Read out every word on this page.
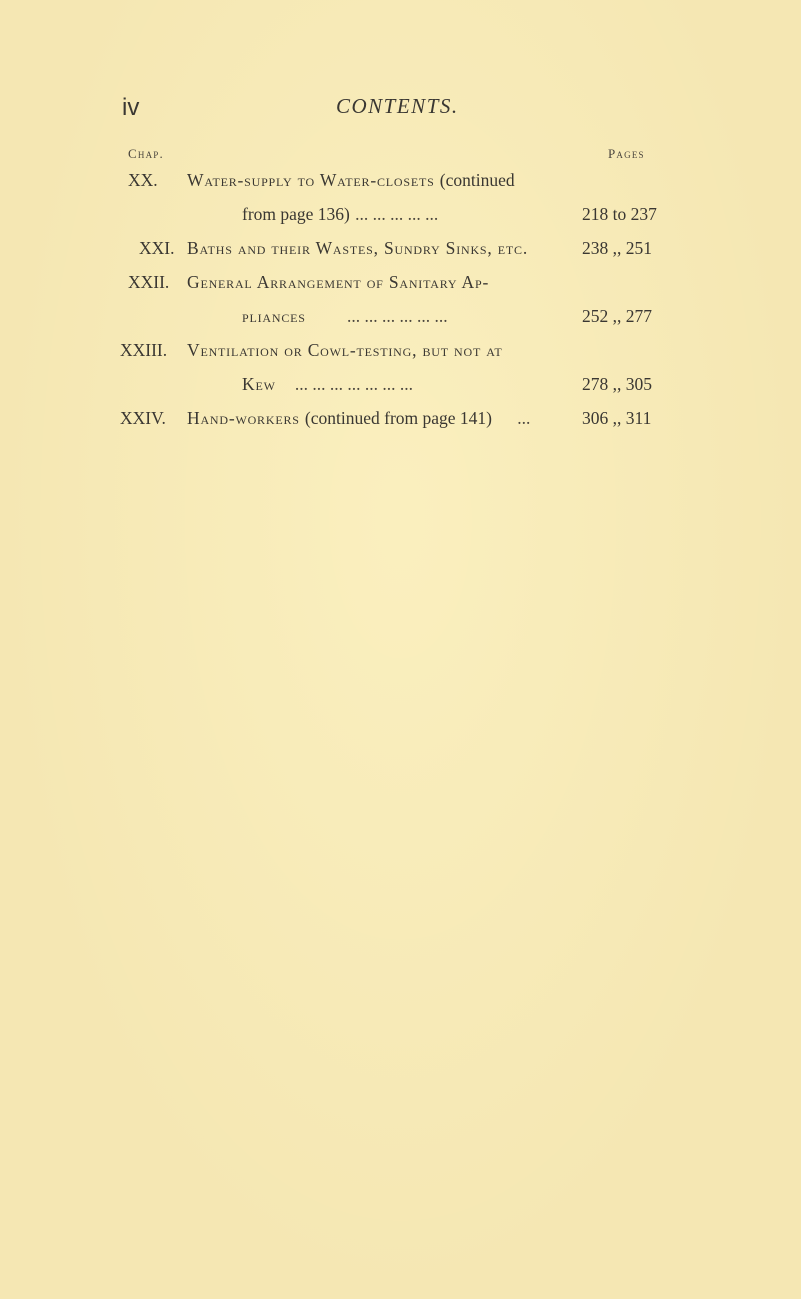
iv	CONTENTS.
Chap.	Pages
XX. Water-supply to Water-closets (continued
from page 136) ... ... ... ... ...	218 to 237
XXI. Baths and their Wastes, Sundry Sinks, etc.	238 ,, 251
XXII. General Arrangement of Sanitary Ap-
pliances ... ... ... ... ... ...	252 ,, 277
XXIII. Ventilation or Cowl-testing, but not at
Kew ... ... ... ... ... ... ...	278 ,, 305
XXIV. Hand-workers (continued from page 141) ...	306 ,, 311
